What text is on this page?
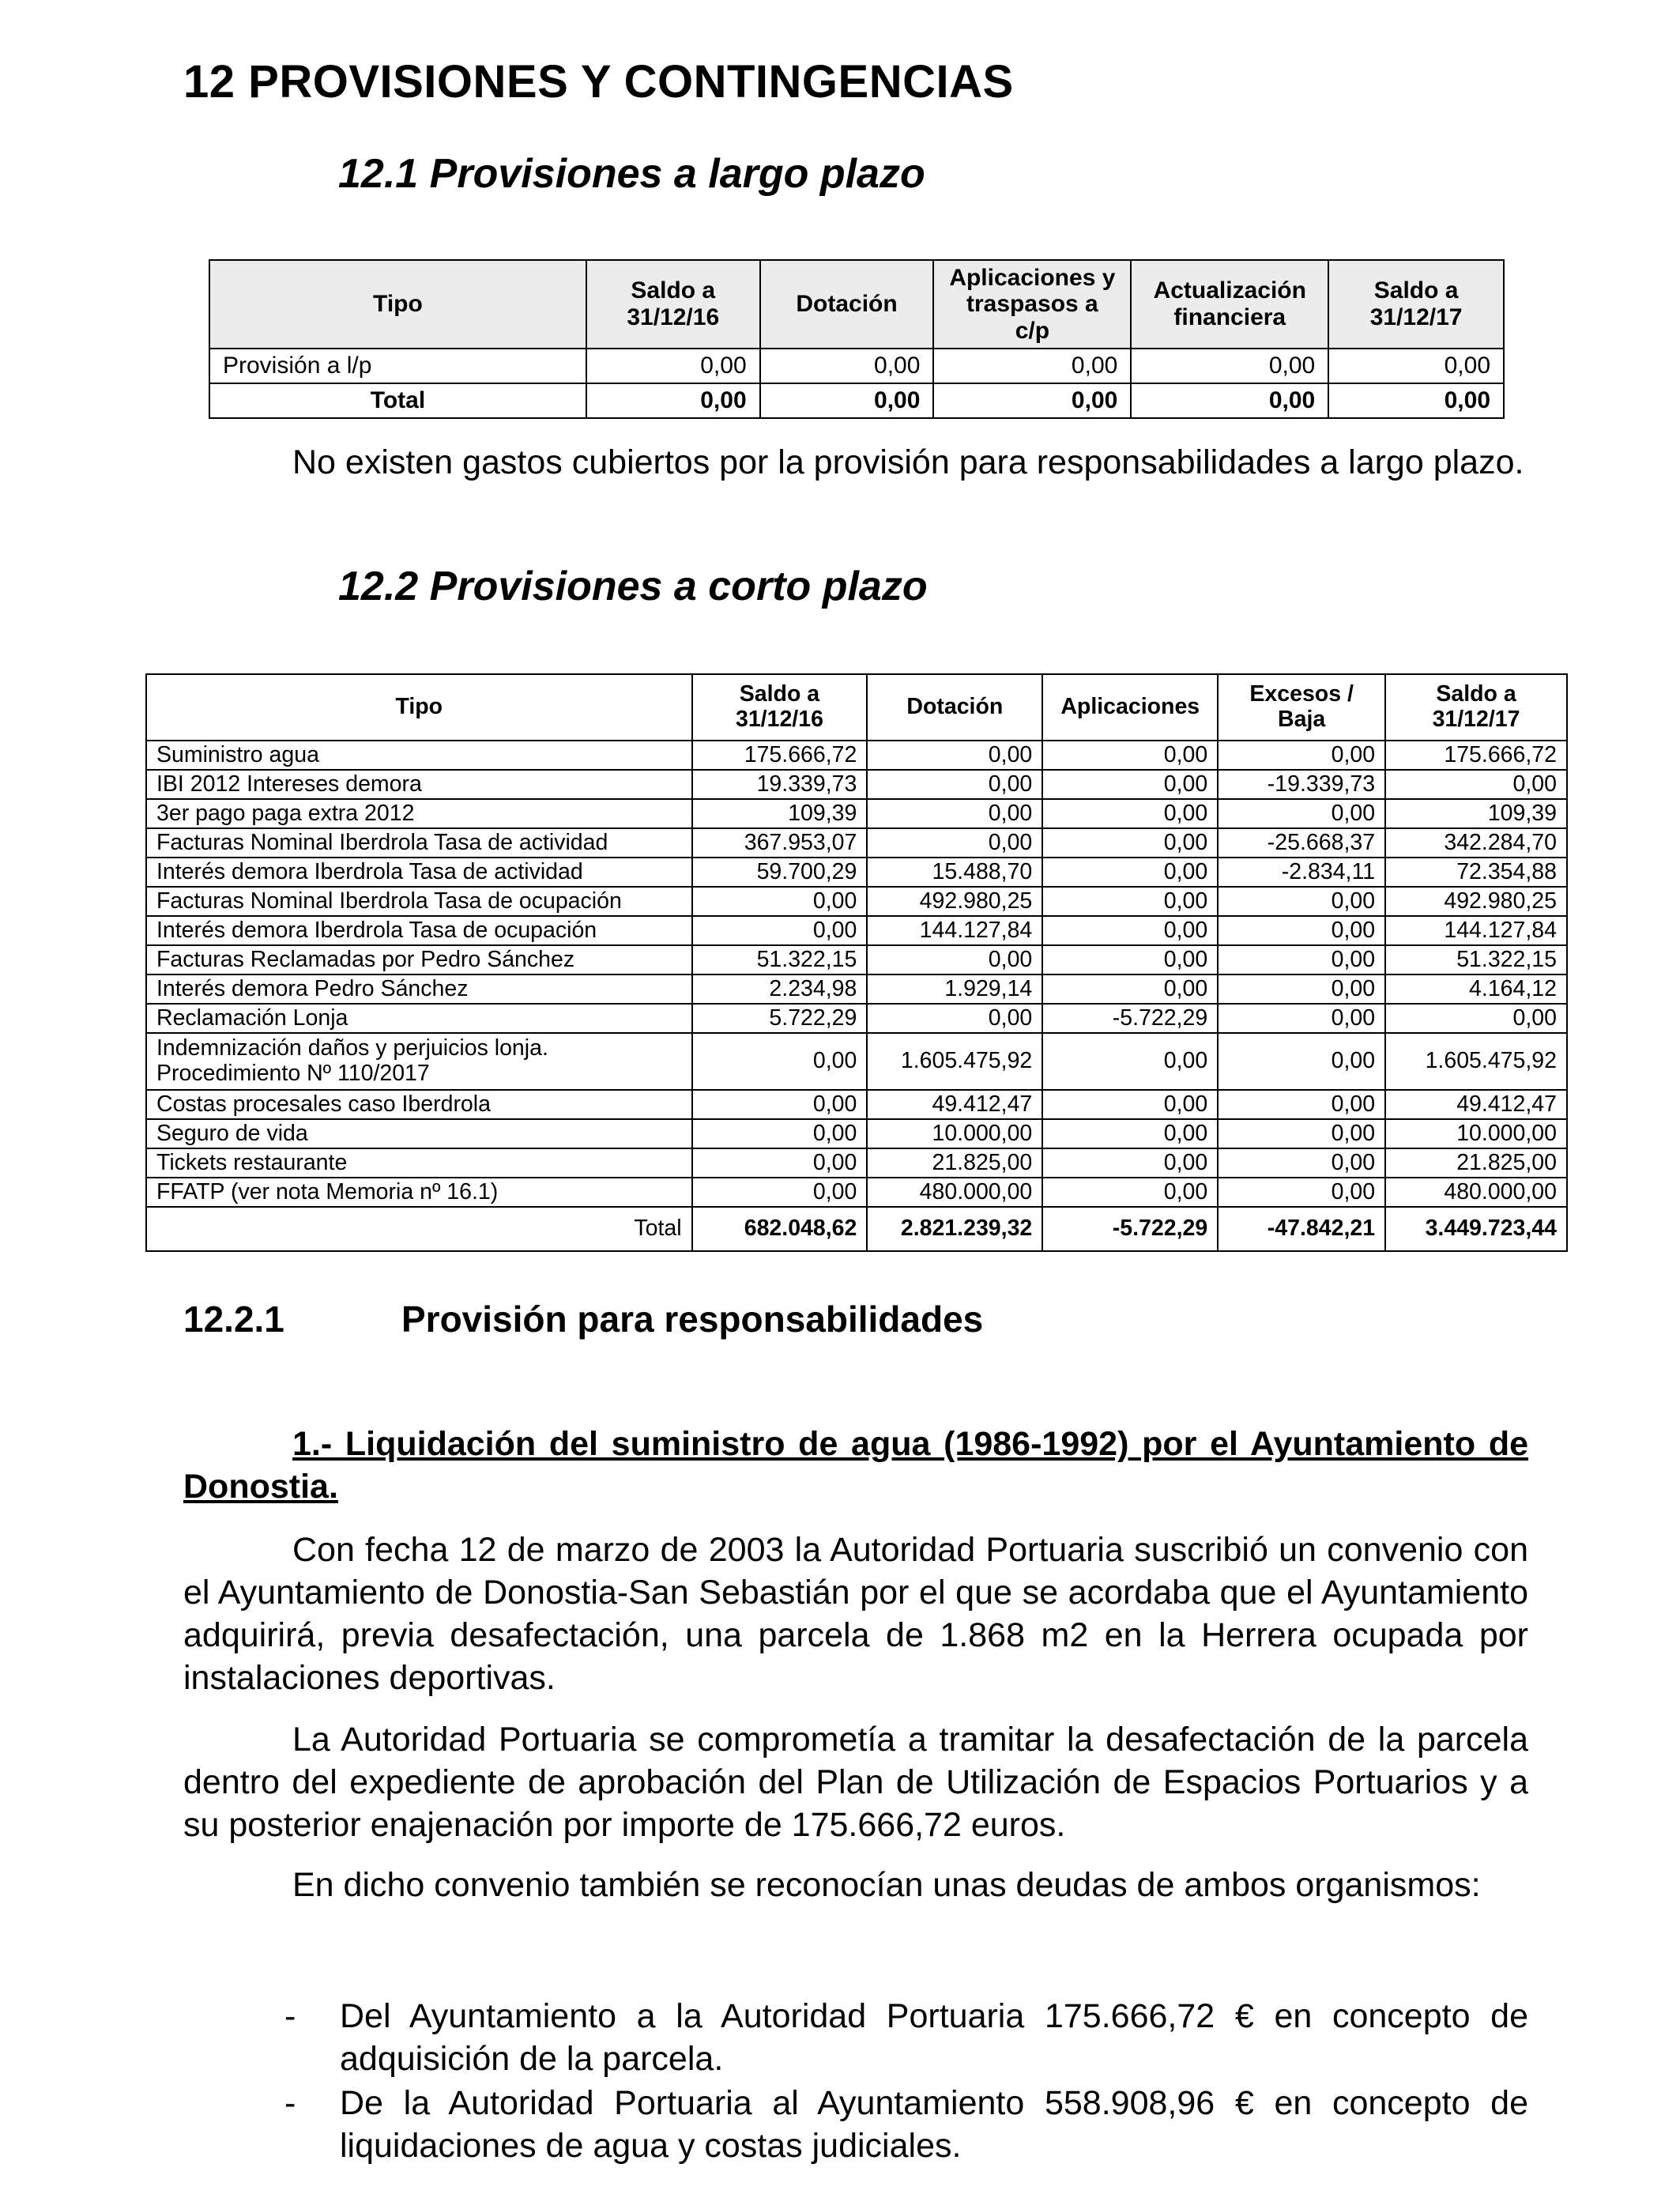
12 PROVISIONES Y CONTINGENCIAS
12.1 Provisiones a largo plazo
Tipo	Saldo a 31/12/16	Dotación	Aplicaciones y traspasos a c/p	Actualización financiera	Saldo a 31/12/17
Provisión a l/p	0,00	0,00	0,00	0,00	0,00
Total	0,00	0,00	0,00	0,00	0,00

No existen gastos cubiertos por la provisión para responsabilidades a largo plazo.

12.2 Provisiones a corto plazo
Tipo	Saldo a 31/12/16	Dotación	Aplicaciones	Excesos / Baja	Saldo a 31/12/17
Suministro agua	175.666,72	0,00	0,00	0,00	175.666,72
IBI 2012 Intereses demora	19.339,73	0,00	0,00	-19.339,73	0,00
3er pago paga extra 2012	109,39	0,00	0,00	0,00	109,39
Facturas Nominal Iberdrola Tasa de actividad	367.953,07	0,00	0,00	-25.668,37	342.284,70
Interés demora Iberdrola Tasa de actividad	59.700,29	15.488,70	0,00	-2.834,11	72.354,88
Facturas Nominal Iberdrola Tasa de ocupación	0,00	492.980,25	0,00	0,00	492.980,25
Interés demora Iberdrola Tasa de ocupación	0,00	144.127,84	0,00	0,00	144.127,84
Facturas Reclamadas por Pedro Sánchez	51.322,15	0,00	0,00	0,00	51.322,15
Interés demora Pedro Sánchez	2.234,98	1.929,14	0,00	0,00	4.164,12
Reclamación Lonja	5.722,29	0,00	-5.722,29	0,00	0,00
Indemnización daños y perjuicios lonja. Procedimiento Nº 110/2017	0,00	1.605.475,92	0,00	0,00	1.605.475,92
Costas procesales caso Iberdrola	0,00	49.412,47	0,00	0,00	49.412,47
Seguro de vida	0,00	10.000,00	0,00	0,00	10.000,00
Tickets restaurante	0,00	21.825,00	0,00	0,00	21.825,00
FFATP (ver nota Memoria nº 16.1)	0,00	480.000,00	0,00	0,00	480.000,00
Total	682.048,62	2.821.239,32	-5.722,29	-47.842,21	3.449.723,44
12.2.1	Provisión para responsabilidades

1.- Liquidación del suministro de agua (1986-1992) por el Ayuntamiento de Donostia.

Con fecha 12 de marzo de 2003 la Autoridad Portuaria suscribió un convenio con el Ayuntamiento de Donostia-San Sebastián por el que se acordaba que el Ayuntamiento adquirirá, previa desafectación, una parcela de 1.868 m2 en la Herrera ocupada por instalaciones deportivas.

La Autoridad Portuaria se comprometía a tramitar la desafectación de la parcela dentro del expediente de aprobación del Plan de Utilización de Espacios Portuarios y a su posterior enajenación por importe de 175.666,72 euros.

En dicho convenio también se reconocían unas deudas de ambos organismos:

- Del Ayuntamiento a la Autoridad Portuaria 175.666,72 € en concepto de adquisición de la parcela.
- De la Autoridad Portuaria al Ayuntamiento 558.908,96 € en concepto de liquidaciones de agua y costas judiciales.
